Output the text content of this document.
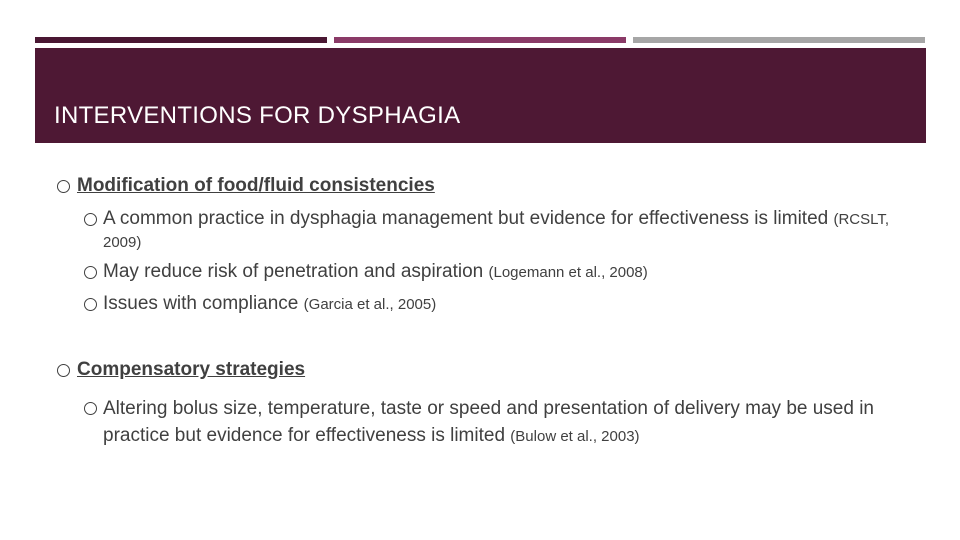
INTERVENTIONS FOR DYSPHAGIA
Modification of food/fluid consistencies
A common practice in dysphagia management but evidence for effectiveness is limited (RCSLT, 2009)
May reduce risk of penetration and aspiration (Logemann et al., 2008)
Issues with compliance (Garcia et al., 2005)
Compensatory strategies
Altering bolus size, temperature, taste or speed and presentation of delivery may be used in practice but evidence for effectiveness is limited (Bulow et al., 2003)
